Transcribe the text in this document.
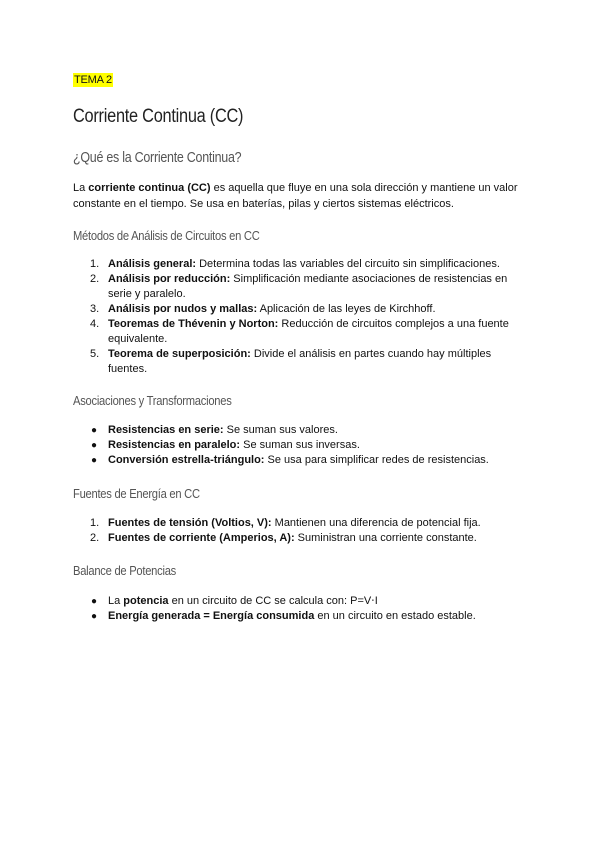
TEMA 2
Corriente Continua (CC)
¿Qué es la Corriente Continua?

La corriente continua (CC) es aquella que fluye en una sola dirección y mantiene un valor constante en el tiempo. Se usa en baterías, pilas y ciertos sistemas eléctricos.

Métodos de Análisis de Circuitos en CC
1. Análisis general: Determina todas las variables del circuito sin simplificaciones.
2. Análisis por reducción: Simplificación mediante asociaciones de resistencias en serie y paralelo.
3. Análisis por nudos y mallas: Aplicación de las leyes de Kirchhoff.
4. Teoremas de Thévenin y Norton: Reducción de circuitos complejos a una fuente equivalente.
5. Teorema de superposición: Divide el análisis en partes cuando hay múltiples fuentes.
Asociaciones y Transformaciones
● Resistencias en serie: Se suman sus valores.
● Resistencias en paralelo: Se suman sus inversas.
● Conversión estrella-triángulo: Se usa para simplificar redes de resistencias.
Fuentes de Energía en CC
1. Fuentes de tensión (Voltios, V): Mantienen una diferencia de potencial fija.
2. Fuentes de corriente (Amperios, A): Suministran una corriente constante.
Balance de Potencias
● La potencia en un circuito de CC se calcula con: P=V⋅I
● Energía generada = Energía consumida en un circuito en estado estable.
